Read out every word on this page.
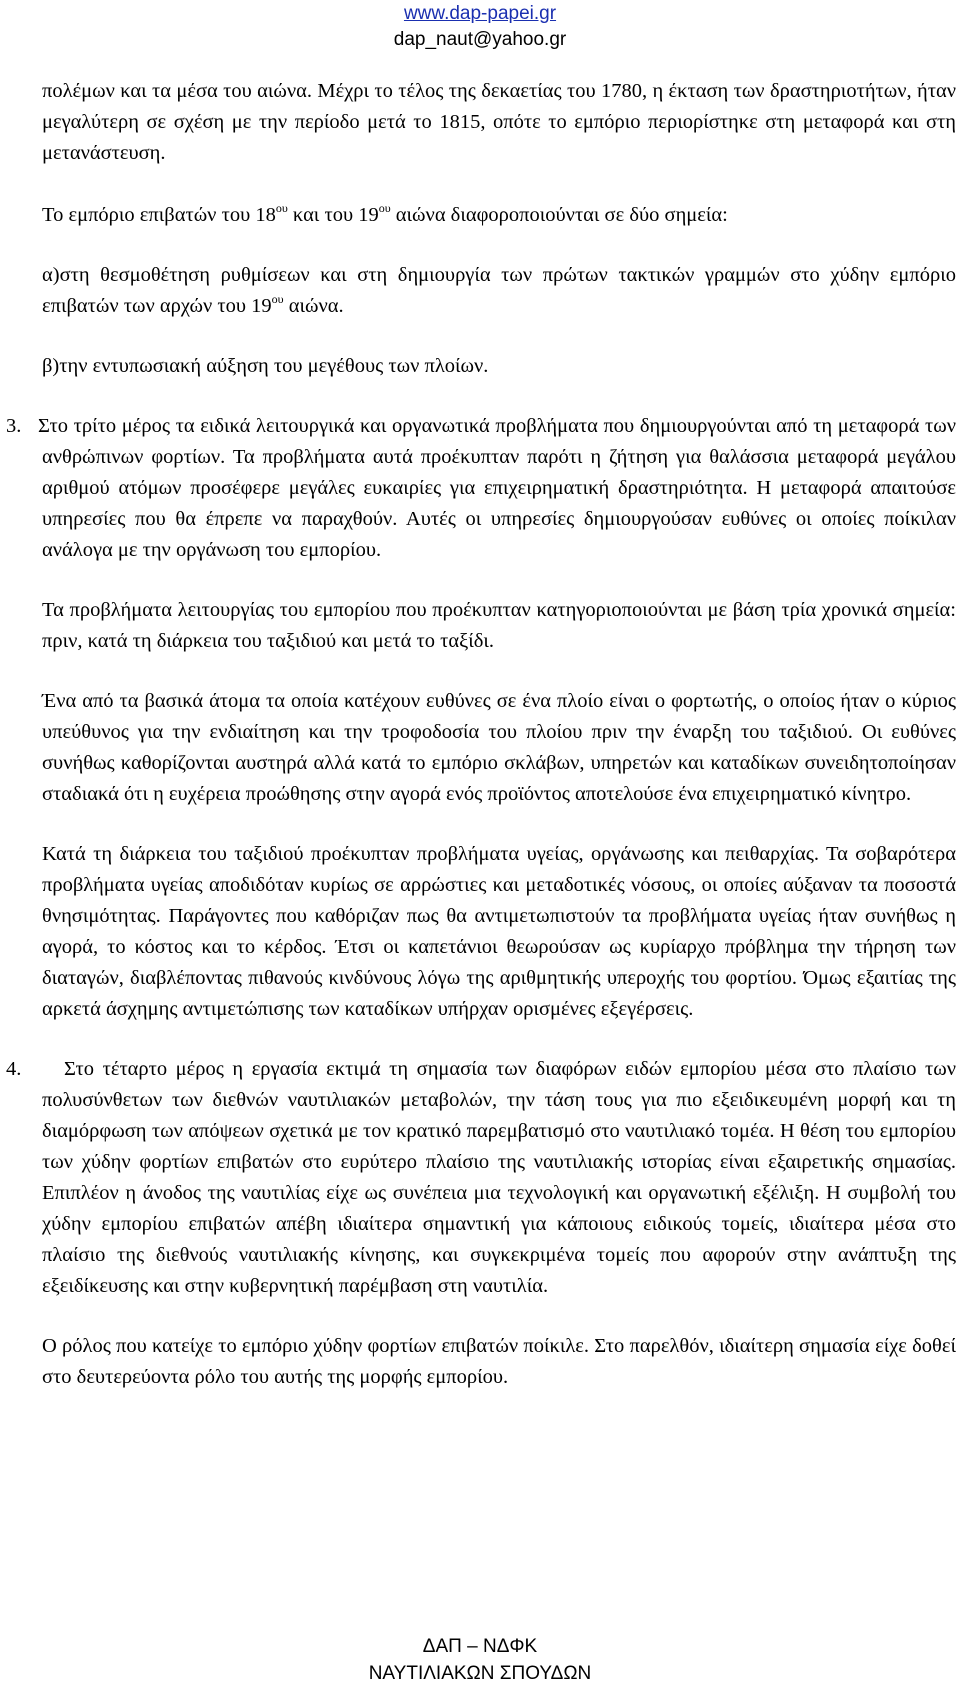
www.dap-papei.gr
dap_naut@yahoo.gr

πολέμων και τα μέσα του αιώνα. Μέχρι το τέλος της δεκαετίας του 1780, η έκταση των δραστηριοτήτων, ήταν μεγαλύτερη σε σχέση με την περίοδο μετά το 1815, οπότε το εμπόριο περιορίστηκε στη μεταφορά και στη μετανάστευση.

Το εμπόριο επιβατών του $18^{o\upsilon}$ και του $19^{o\upsilon}$ αιώνα διαφοροποιούνται σε δύο σημεία:

α)στη θεσμοθέτηση ρυθμίσεων και στη δημιουργία των πρώτων τακτικών γραμμών στο χύδην εμπόριο επιβατών των αρχών του $19^{o\upsilon}$ αιώνα.

β)την εντυπωσιακή αύξηση του μεγέθους των πλοίων.

3. Στο τρίτο μέρος τα ειδικά λειτουργικά και οργανωτικά προβλήματα που δημιουργούνται από τη μεταφορά των ανθρώπινων φορτίων. Τα προβλήματα αυτά προέκυπταν παρότι η ζήτηση για θαλάσσια μεταφορά μεγάλου αριθμού ατόμων προσέφερε μεγάλες ευκαιρίες για επιχειρηματική δραστηριότητα. Η μεταφορά απαιτούσε υπηρεσίες που θα έπρεπε να παραχθούν. Αυτές οι υπηρεσίες δημιουργούσαν ευθύνες οι οποίες ποίκιλαν ανάλογα με την οργάνωση του εμπορίου.

Τα προβλήματα λειτουργίας του εμπορίου που προέκυπταν κατηγοριοποιούνται με βάση τρία χρονικά σημεία: πριν, κατά τη διάρκεια του ταξιδιού και μετά το ταξίδι.

Ένα από τα βασικά άτομα τα οποία κατέχουν ευθύνες σε ένα πλοίο είναι ο φορτωτής, ο οποίος ήταν ο κύριος υπεύθυνος για την ενδιαίτηση και την τροφοδοσία του πλοίου πριν την έναρξη του ταξιδιού. Οι ευθύνες συνήθως καθορίζονται αυστηρά αλλά κατά το εμπόριο σκλάβων, υπηρετών και καταδίκων συνειδητοποίησαν σταδιακά ότι η ευχέρεια προώθησης στην αγορά ενός προϊόντος αποτελούσε ένα επιχειρηματικό κίνητρο.

Κατά τη διάρκεια του ταξιδιού προέκυπταν προβλήματα υγείας, οργάνωσης και πειθαρχίας. Τα σοβαρότερα προβλήματα υγείας αποδιδόταν κυρίως σε αρρώστιες και μεταδοτικές νόσους, οι οποίες αύξαναν τα ποσοστά θνησιμότητας. Παράγοντες που καθόριζαν πως θα αντιμετωπιστούν τα προβλήματα υγείας ήταν συνήθως η αγορά, το κόστος και το κέρδος. Έτσι οι καπετάνιοι θεωρούσαν ως κυρίαρχο πρόβλημα την τήρηση των διαταγών, διαβλέποντας πιθανούς κινδύνους λόγω της αριθμητικής υπεροχής του φορτίου. Όμως εξαιτίας της αρκετά άσχημης αντιμετώπισης των καταδίκων υπήρχαν ορισμένες εξεγέρσεις.

4. Στο τέταρτο μέρος η εργασία εκτιμά τη σημασία των διαφόρων ειδών εμπορίου μέσα στο πλαίσιο των πολυσύνθετων των διεθνών ναυτιλιακών μεταβολών, την τάση τους για πιο εξειδικευμένη μορφή και τη διαμόρφωση των απόψεων σχετικά με τον κρατικό παρεμβατισμό στο ναυτιλιακό τομέα. Η θέση του εμπορίου των χύδην φορτίων επιβατών στο ευρύτερο πλαίσιο της ναυτιλιακής ιστορίας είναι εξαιρετικής σημασίας. Επιπλέον η άνοδος της ναυτιλίας είχε ως συνέπεια μια τεχνολογική και οργανωτική εξέλιξη. Η συμβολή του χύδην εμπορίου επιβατών απέβη ιδιαίτερα σημαντική για κάποιους ειδικούς τομείς, ιδιαίτερα μέσα στο πλαίσιο της διεθνούς ναυτιλιακής κίνησης, και συγκεκριμένα τομείς που αφορούν στην ανάπτυξη της εξειδίκευσης και στην κυβερνητική παρέμβαση στη ναυτιλία.

Ο ρόλος που κατείχε το εμπόριο χύδην φορτίων επιβατών ποίκιλε. Στο παρελθόν, ιδιαίτερη σημασία είχε δοθεί στο δευτερεύοντα ρόλο του αυτής της μορφής εμπορίου.

ΔΑΠ – ΝΔΦΚ
ΝΑΥΤΙΛΙΑΚΩΝ ΣΠΟΥΔΩΝ
